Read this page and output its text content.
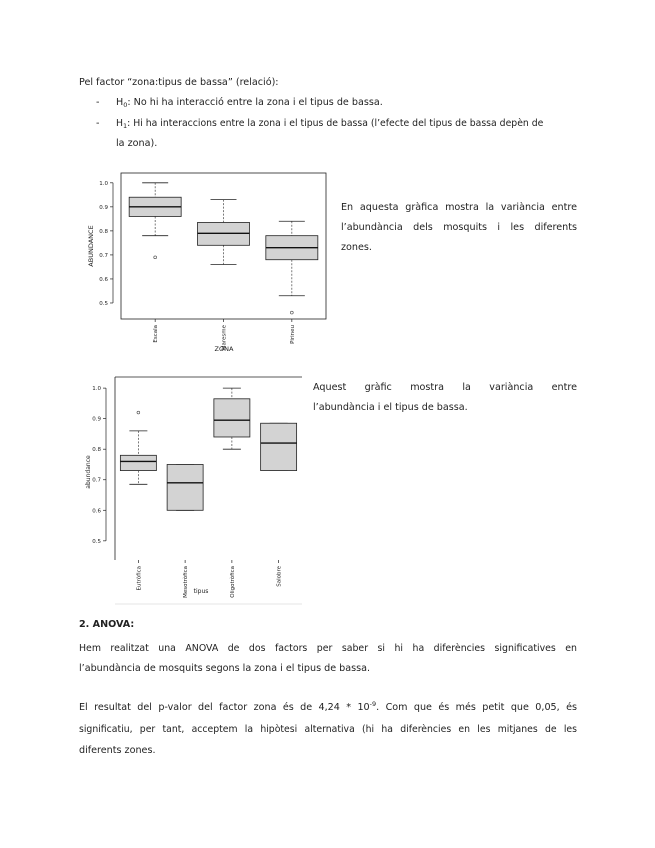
Pel factor “zona:tipus de bassa” (relació):
- $H_0$: No hi ha interacció entre la zona i el tipus de bassa.
- $H_1$: Hi ha interaccions entre la zona i el tipus de bassa (l’efecte del tipus de bassa depèn de
la zona).
1.0
0.9
0.8
0.7
0.6
0.5
Escala	Maresme	Pirineu
ABUNDANCE
ZONA
En aquesta gràfica mostra la variància entre
l’abundància dels mosquits i les diferents
zones.
1.0
0.9
0.8
0.7
0.6
0.5
Eutròfica	Mesotròfica	Oligotròfica	Salobre
abundance
tipus
Aquest gràfic mostra la variància entre
l’abundància i el tipus de bassa.
2. ANOVA:
Hem realitzat una ANOVA de dos factors per saber si hi ha diferències significatives en
l’abundància de mosquits segons la zona i el tipus de bassa.
El resultat del p-valor del factor zona és de $4,24 * 10^{-9}$. Com que és més petit que 0,05, és
significatiu, per tant, acceptem la hipòtesi alternativa (hi ha diferències en les mitjanes de les
diferents zones.
